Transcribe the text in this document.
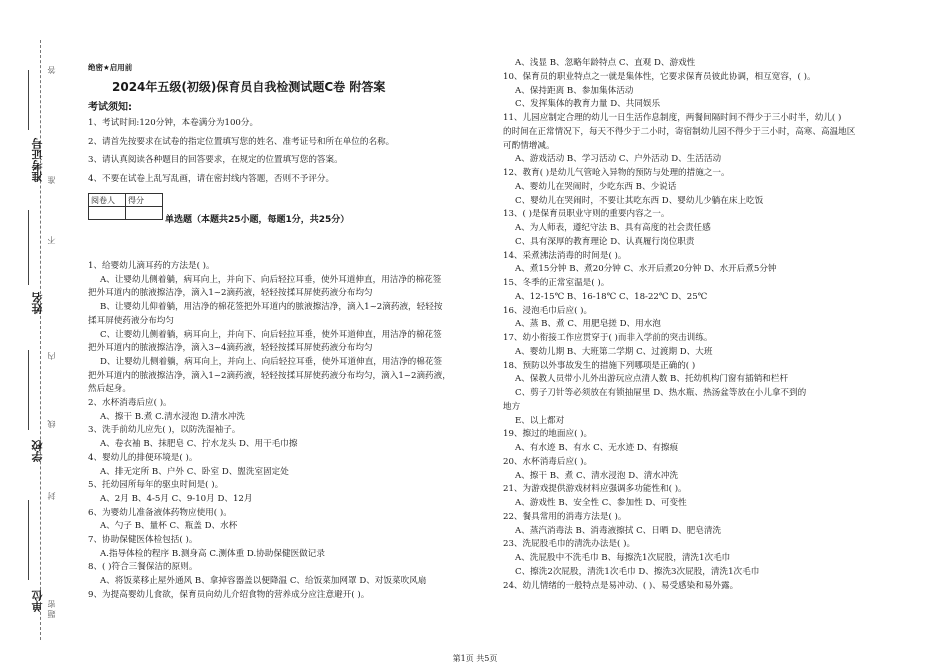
准考证号
姓名
学校
单位 密
封
线
内
不
准
答
题
绝密★启用前
2024年五级(初级)保育员自我检测试题C卷 附答案
考试须知:
1、考试时间:120分钟，本卷满分为100分。
2、请首先按要求在试卷的指定位置填写您的姓名、准考证号和所在单位的名称。
3、请认真阅读各种题目的回答要求，在规定的位置填写您的答案。
4、不要在试卷上乱写乱画，请在密封线内答题，否则不予评分。
阅卷人	得分

单选题（本题共25小题，每题1分，共25分）
1、给婴幼儿滴耳药的方法是( )。
A、让婴幼儿侧着躺，病耳向上，并向下、向后轻拉耳垂，使外耳道伸直，用洁净的棉花签
把外耳道内的脓液擦洁净，滴入1~2滴药液，轻轻按揉耳屏使药液分布均匀
B、让婴幼儿仰着躺，用洁净的棉花签把外耳道内的脓液擦洁净，滴入1~2滴药液，轻轻按
揉耳屏使药液分布均匀
C、让婴幼儿侧着躺，病耳向上，并向下、向后轻拉耳垂，使外耳道伸直，用洁净的棉花签
把外耳道内的脓液擦洁净，滴入3~4滴药液，轻轻按揉耳屏使药液分布均匀
D、让婴幼儿侧着躺，病耳向上，并向上、向后轻拉耳垂，使外耳道伸直，用洁净的棉花签
把外耳道内的脓液擦洁净，滴入1~2滴药液，轻轻按揉耳屏使药液分布均匀，滴入1~2滴药液，
然后起身。
2、水杯消毒后应( )。
A、擦干 B.煮 C.清水浸泡 D.清水冲洗
3、洗手前幼儿应先( )，以防洗湿袖子。
A、卷衣袖 B、抹肥皂 C、拧水龙头 D、用干毛巾擦
4、婴幼儿的排便环境是( )。
A、排无定所 B、户外 C、卧室 D、盥洗室固定处
5、托幼园所每年的驱虫时间是( )。
A、2月 B、4-5月 C、9-10月 D、12月
6、为婴幼儿准备液体药物应使用( )。
A、勺子 B、量杯 C、瓶盖 D、水杯
7、协助保健医体检包括( )。
A.指导体检的程序 B.测身高 C.测体重 D.协助保健医做记录
8、( )符合三餐保洁的原则。
A、将饭菜移止屋外通风 B、拿掉容器盖以便降温 C、给饭菜加网罩 D、对饭菜吹风扇
9、为提高婴幼儿食欲，保育员向幼儿介绍食物的营养成分应注意避开( )。
A、浅显 B、忽略年龄特点 C、直观 D、游戏性
10、保育员的职业特点之一就是集体性，它要求保育员彼此协调，相互宽容，( )。
A、保持距离 B、参加集体活动
C、发挥集体的教育力量 D、共同娱乐
11、儿园应制定合理的幼儿一日生活作息制度，两餐间隔时间不得少于三小时半，幼儿( )
的时间在正常情况下，每天不得少于二小时，寄宿制幼儿园不得少于三小时，高寒、高温地区
可酌情增减。
A、游戏活动 B、学习活动 C、户外活动 D、生活活动
12、教育( )是幼儿气管呛入异物的预防与处理的措施之一。
A、婴幼儿在哭闹时，少吃东西 B、少说话
C、婴幼儿在哭闹时，不要让其吃东西 D、婴幼儿少躺在床上吃饭
13、( )是保育员职业守则的重要内容之一。
A、为人师表，遵纪守法 B、具有高度的社会责任感
C、具有深厚的教育理论 D、认真履行岗位职责
14、采煮沸法消毒的时间是( )。
A、煮15分钟 B、煮20分钟 C、水开后煮20分钟 D、水开后煮5分钟
15、冬季的正常室温是( )。
A、12-15℃ B、16-18℃ C、18-22℃ D、25℃
16、浸泡毛巾后应( )。
A、蒸 B、煮 C、用肥皂搓 D、用水泡
17、幼小衔接工作应贯穿于( )而非入学前的突击训练。
A、婴幼儿期 B、大班第二学期 C、过渡期 D、大班
18、预防以外事故发生的措施下列哪项是正确的( )
A、保教人员带小儿外出游玩应点清人数 B、托幼机构门窗有插销和栏杆
C、剪子刀针等必须放在有锁抽屉里 D、热水瓶、热汤盆等放在小儿拿不到的
地方
E、以上都对
19、擦过的地面应( )。
A、有水迹 B、有水 C、无水迹 D、有擦痕
20、水杯消毒后应( )。
A、擦干 B、煮 C、清水浸泡 D、清水冲洗
21、为游戏提供游戏材料应强调多功能性和( )。
A、游戏性 B、安全性 C、参加性 D、可变性
22、餐具常用的消毒方法是( )。
A、蒸汽消毒法 B、消毒液擦拭 C、日晒 D、肥皂清洗
23、洗屁股毛巾的清洗办法是( )。
A、洗屁股中不洗毛巾 B、每擦洗1次屁股，清洗1次毛巾
C、擦洗2次屁股，清洗1次毛巾 D、擦洗3次屁股，清洗1次毛巾
24、幼儿情绪的一般特点是易冲动、( )、易受感染和易外露。
第1页 共5页
